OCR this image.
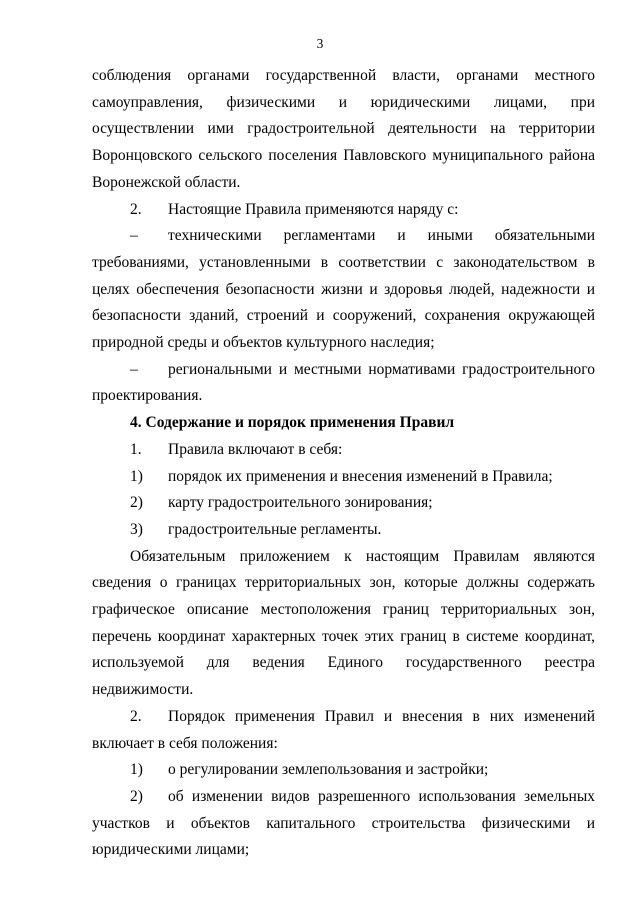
3

соблюдения органами государственной власти, органами местного самоуправления, физическими и юридическими лицами, при осуществлении ими градостроительной деятельности на территории Воронцовского сельского поселения Павловского муниципального района Воронежской области.

2.	Настоящие Правила применяются наряду с:
–	техническими регламентами и иными обязательными требованиями, установленными в соответствии с законодательством в целях обеспечения безопасности жизни и здоровья людей, надежности и безопасности зданий, строений и сооружений, сохранения окружающей природной среды и объектов культурного наследия;
–	региональными и местными нормативами градостроительного проектирования.

4. Содержание и порядок применения Правил

1.	Правила включают в себя:
1)	порядок их применения и внесения изменений в Правила;
2)	карту градостроительного зонирования;
3)	градостроительные регламенты.

Обязательным приложением к настоящим Правилам являются сведения о границах территориальных зон, которые должны содержать графическое описание местоположения границ территориальных зон, перечень координат характерных точек этих границ в системе координат, используемой для ведения Единого государственного реестра недвижимости.

2.	Порядок применения Правил и внесения в них изменений включает в себя положения:
1)	о регулировании землепользования и застройки;
2)	об изменении видов разрешенного использования земельных участков и объектов капитального строительства физическими и юридическими лицами;
